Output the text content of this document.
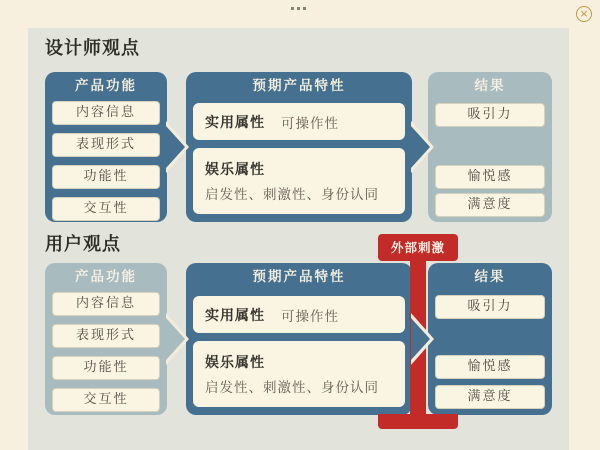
×
设计师观点
产品功能
内容信息
表现形式
功能性
交互性
预期产品特性
实用属性 可操作性
娱乐属性
启发性、刺激性、身份认同
结果
吸引力
愉悦感
满意度
用户观点	外部刺激
产品功能
内容信息
表现形式
功能性
交互性
预期产品特性
实用属性 可操作性
娱乐属性
启发性、刺激性、身份认同
结果
吸引力
愉悦感
满意度
